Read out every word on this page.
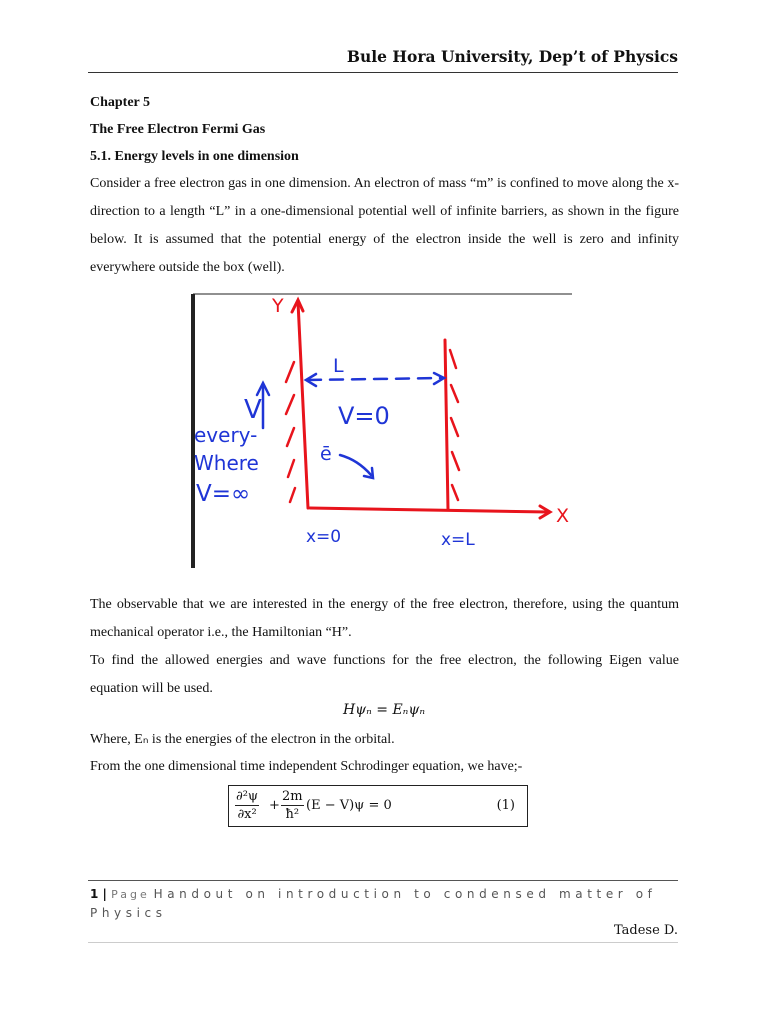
Bule Hora University, Dep’t of Physics
Chapter 5
The Free Electron Fermi Gas
5.1. Energy levels in one dimension
Consider a free electron gas in one dimension. An electron of mass “m” is confined to move along the x-direction to a length “L” in a one-dimensional potential well of infinite barriers, as shown in the figure below. It is assumed that the potential energy of the electron inside the well is zero and infinity everywhere outside the box (well).
Y
X
L
V=0
ē
V
every-
Where
V=∞
x=0	x=L
The observable that we are interested in the energy of the free electron, therefore, using the quantum mechanical operator i.e., the Hamiltonian “H”.
To find the allowed energies and wave functions for the free electron, the following Eigen value equation will be used.
Hψₙ = Eₙψₙ
Where, Eₙ is the energies of the electron in the orbital.
From the one dimensional time independent Schrodinger equation, we have;-
$\frac{\text{∂²ψ}}{\text{∂x²}} + \frac{2m}{\text{ħ²}} (E - V)\psi = 0$	(1)
1 | Page Handout on introduction to condensed matter of Physics
Tadese D.
